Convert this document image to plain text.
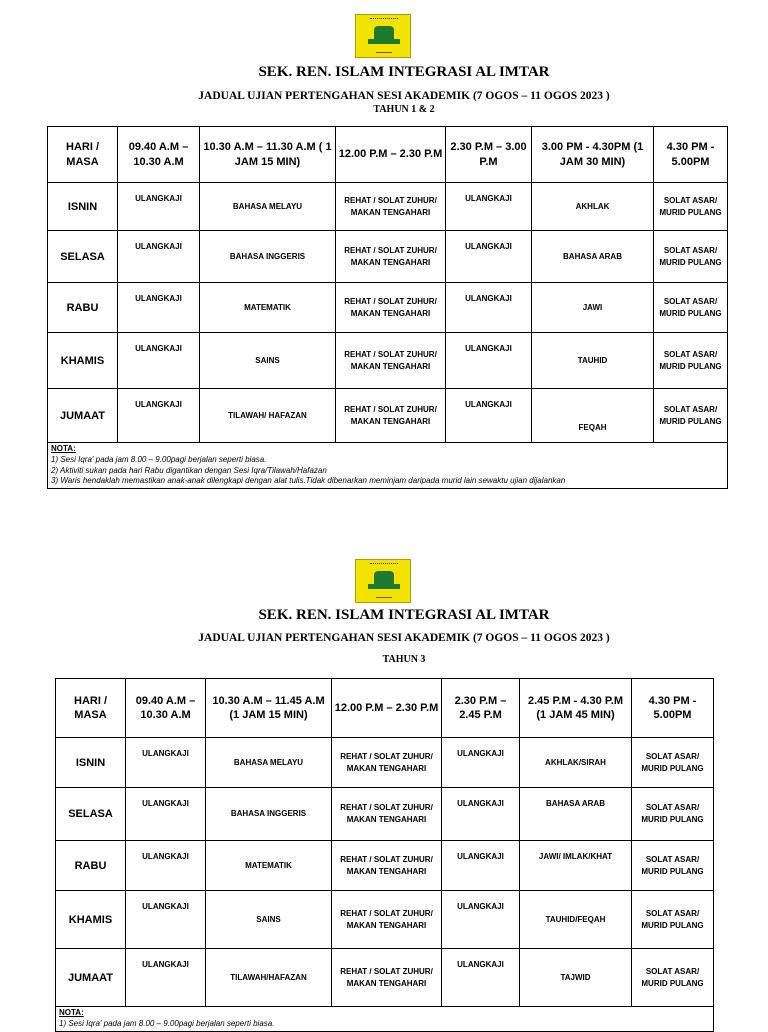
SEK. REN. ISLAM INTEGRASI AL IMTAR
JADUAL UJIAN PERTENGAHAN SESI AKADEMIK (7 OGOS – 11 OGOS 2023 )
TAHUN 1 & 2
HARI / MASA	09.40 A.M – 10.30 A.M	10.30 A.M – 11.30 A.M ( 1 JAM 15 MIN)	12.00 P.M – 2.30 P.M	2.30 P.M – 3.00 P.M	3.00 PM - 4.30PM (1 JAM 30 MIN)	4.30 PM - 5.00PM
ISNIN	ULANGKAJI	BAHASA MELAYU	REHAT / SOLAT ZUHUR/ MAKAN TENGAHARI	ULANGKAJI	AKHLAK	SOLAT ASAR/ MURID PULANG
SELASA	ULANGKAJI	BAHASA INGGERIS	REHAT / SOLAT ZUHUR/ MAKAN TENGAHARI	ULANGKAJI	BAHASA ARAB	SOLAT ASAR/ MURID PULANG
RABU	ULANGKAJI	MATEMATIK	REHAT / SOLAT ZUHUR/ MAKAN TENGAHARI	ULANGKAJI	JAWI	SOLAT ASAR/ MURID PULANG
KHAMIS	ULANGKAJI	SAINS	REHAT / SOLAT ZUHUR/ MAKAN TENGAHARI	ULANGKAJI	TAUHID	SOLAT ASAR/ MURID PULANG
JUMAAT	ULANGKAJI	TILAWAH/ HAFAZAN	REHAT / SOLAT ZUHUR/ MAKAN TENGAHARI	ULANGKAJI	FEQAH	SOLAT ASAR/ MURID PULANG

NOTA:
1) Sesi Iqra' pada jam 8.00 – 9.00pagi berjalan seperti biasa.
2) Aktiviti sukan pada hari Rabu digantikan dengan Sesi Iqra/Tilawah/Hafazan
3) Waris hendaklah memastikan anak-anak dilengkapi dengan alat tulis.Tidak dibenarkan meminjam daripada murid lain sewaktu ujian dijalankan						
SEK. REN. ISLAM INTEGRASI AL IMTAR
JADUAL UJIAN PERTENGAHAN SESI AKADEMIK (7 OGOS – 11 OGOS 2023 )
TAHUN 3
HARI / MASA	09.40 A.M – 10.30 A.M	10.30 A.M – 11.45 A.M (1 JAM 15 MIN)	12.00 P.M – 2.30 P.M	2.30 P.M – 2.45 P.M	2.45 P.M - 4.30 P.M (1 JAM 45 MIN)	4.30 PM - 5.00PM
ISNIN	ULANGKAJI	BAHASA MELAYU	REHAT / SOLAT ZUHUR/ MAKAN TENGAHARI	ULANGKAJI	AKHLAK/SIRAH	SOLAT ASAR/ MURID PULANG
SELASA	ULANGKAJI	BAHASA INGGERIS	REHAT / SOLAT ZUHUR/ MAKAN TENGAHARI	ULANGKAJI	BAHASA ARAB	SOLAT ASAR/ MURID PULANG
RABU	ULANGKAJI	MATEMATIK	REHAT / SOLAT ZUHUR/ MAKAN TENGAHARI	ULANGKAJI	JAWI/ IMLAK/KHAT	SOLAT ASAR/ MURID PULANG
KHAMIS	ULANGKAJI	SAINS	REHAT / SOLAT ZUHUR/ MAKAN TENGAHARI	ULANGKAJI	TAUHID/FEQAH	SOLAT ASAR/ MURID PULANG
JUMAAT	ULANGKAJI	TILAWAH/HAFAZAN	REHAT / SOLAT ZUHUR/ MAKAN TENGAHARI	ULANGKAJI	TAJWID	SOLAT ASAR/ MURID PULANG

NOTA:
1) Sesi Iqra' pada jam 8.00 – 9.00pagi berjalan seperti biasa.						
